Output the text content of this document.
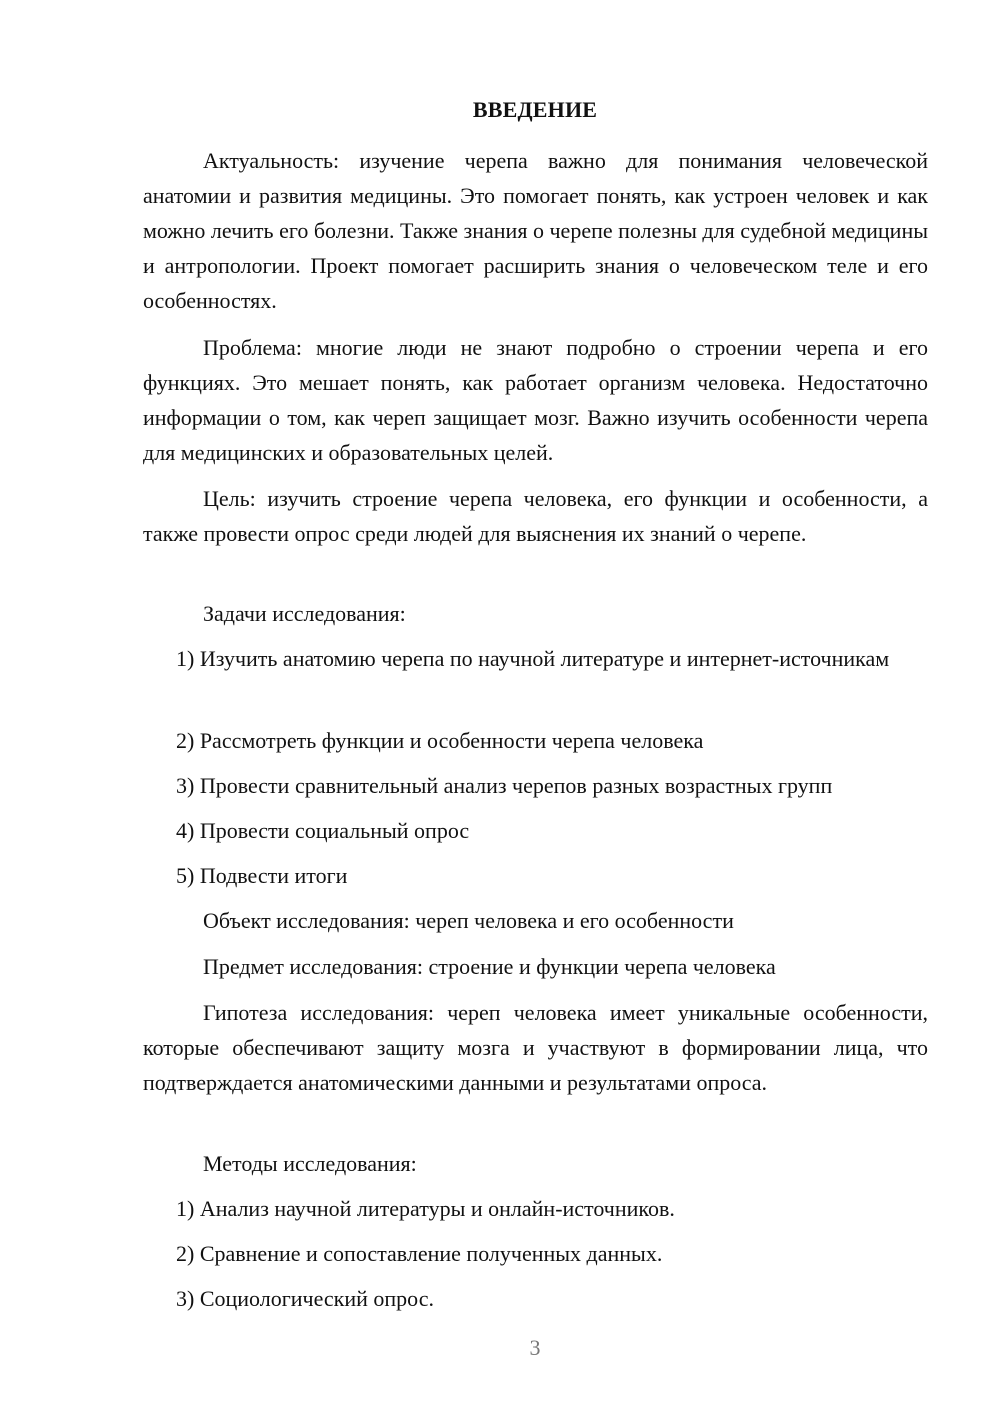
ВВЕДЕНИЕ
Актуальность: изучение черепа важно для понимания человеческой анатомии и развития медицины. Это помогает понять, как устроен человек и как можно лечить его болезни. Также знания о черепе полезны для судебной медицины и антропологии. Проект помогает расширить знания о человеческом теле и его особенностях.
Проблема: многие люди не знают подробно о строении черепа и его функциях. Это мешает понять, как работает организм человека. Недостаточно информации о том, как череп защищает мозг. Важно изучить особенности черепа для медицинских и образовательных целей.
Цель: изучить строение черепа человека, его функции и особенности, а также провести опрос среди людей для выяснения их знаний о черепе.
Задачи исследования:
1) Изучить анатомию черепа по научной литературе и интернет-источникам
2) Рассмотреть функции и особенности черепа человека
3) Провести сравнительный анализ черепов разных возрастных групп
4) Провести социальный опрос
5) Подвести итоги
Объект исследования: череп человека и его особенности
Предмет исследования: строение и функции черепа человека
Гипотеза исследования: череп человека имеет уникальные особенности, которые обеспечивают защиту мозга и участвуют в формировании лица, что подтверждается анатомическими данными и результатами опроса.
Методы исследования:
1) Анализ научной литературы и онлайн-источников.
2) Сравнение и сопоставление полученных данных.
3) Социологический опрос.
3
